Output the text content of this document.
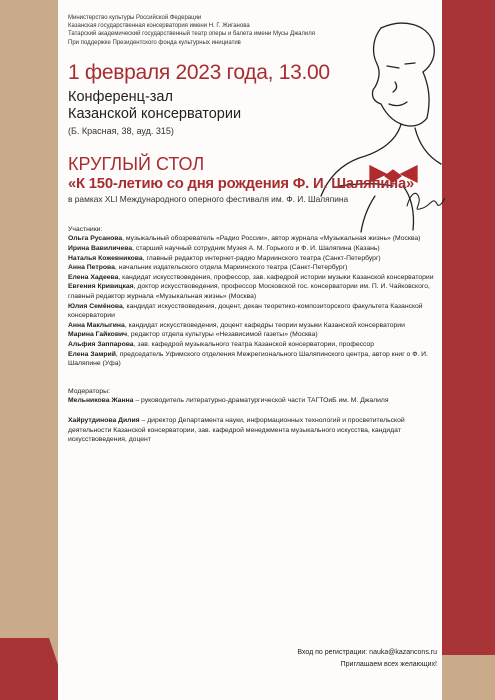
Министерство культуры Российской Федерации
Казанская государственная консерватория имени Н. Г. Жиганова
Татарский академический государственный театр оперы и балета имени Мусы Джалиля
При поддержке Президентского фонда культурных инициатив
1 февраля 2023 года, 13.00
Конференц-зал
Казанской консерватории
(Б. Красная, 38, ауд. 315)
КРУГЛЫЙ СТОЛ
«К 150-летию со дня рождения Ф. И. Шаляпина»
в рамках XLI Международного оперного фестиваля им. Ф. И. Шаляпина
Участники:

Ольга Русанова, музыкальный обозреватель «Радио России», автор журнала «Музыкальная жизнь» (Москва)

Ирина Вавиличева, старший научный сотрудник Музея А. М. Горького и Ф. И. Шаляпина (Казань)

Наталья Кожевникова, главный редактор интернет-радио Мариинского театра (Санкт-Петербург)

Анна Петрова, начальник издательского отдела Мариинского театра (Санкт-Петербург)

Елена Хадеева, кандидат искусствоведения, профессор, зав. кафедрой истории музыки Казанской консерватории

Евгения Кривицкая, доктор искусствоведения, профессор Московской гос. консерватории им. П. И. Чайковского, главный редактор журнала «Музыкальная жизнь» (Москва)

Юлия Семёнова, кандидат искусствоведения, доцент, декан теоретико-композиторского факультета Казанской консерватории

Анна Маклыгина, кандидат искусствоведения, доцент кафедры теории музыки Казанской консерватории

Марина Гайкович, редактор отдела культуры «Независимой газеты» (Москва)

Альфия Заппарова, зав. кафедрой музыкального театра Казанской консерватории, профессор

Елена Замрий, председатель Уфимского отделения Межрегионального Шаляпинского центра, автор книг о Ф. И. Шаляпине (Уфа)

Модераторы:

Мельникова Жанна – руководитель литературно-драматургической части ТАГТОиБ им. М. Джалиля

Хайрутдинова Дилия – директор Департамента науки, информационных технологий и просветительской деятельности Казанской консерватории, зав. кафедрой менеджмента музыкального искусства, кандидат искусствоведения, доцент

Вход по регистрации: nauka@kazancons.ru
Приглашаем всех желающих!
